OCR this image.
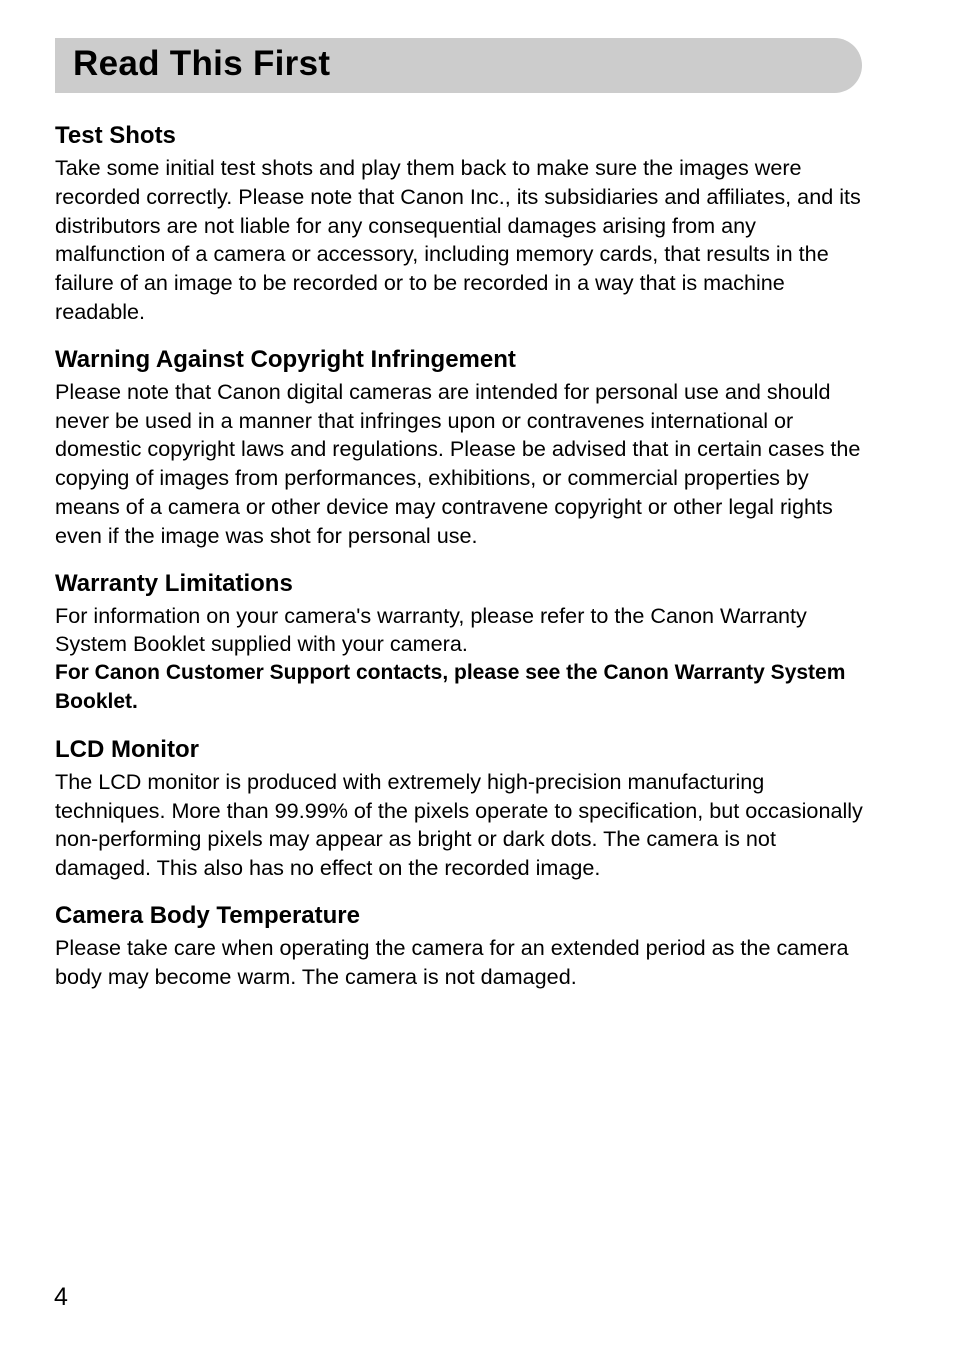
Read This First
Test Shots

Take some initial test shots and play them back to make sure the images were recorded correctly. Please note that Canon Inc., its subsidiaries and affiliates, and its distributors are not liable for any consequential damages arising from any malfunction of a camera or accessory, including memory cards, that results in the failure of an image to be recorded or to be recorded in a way that is machine readable.

Warning Against Copyright Infringement

Please note that Canon digital cameras are intended for personal use and should never be used in a manner that infringes upon or contravenes international or domestic copyright laws and regulations. Please be advised that in certain cases the copying of images from performances, exhibitions, or commercial properties by means of a camera or other device may contravene copyright or other legal rights even if the image was shot for personal use.

Warranty Limitations

For information on your camera's warranty, please refer to the Canon Warranty System Booklet supplied with your camera.

For Canon Customer Support contacts, please see the Canon Warranty System Booklet.

LCD Monitor

The LCD monitor is produced with extremely high-precision manufacturing techniques. More than 99.99% of the pixels operate to specification, but occasionally non-performing pixels may appear as bright or dark dots. The camera is not damaged. This also has no effect on the recorded image.

Camera Body Temperature

Please take care when operating the camera for an extended period as the camera body may become warm. The camera is not damaged.

4
